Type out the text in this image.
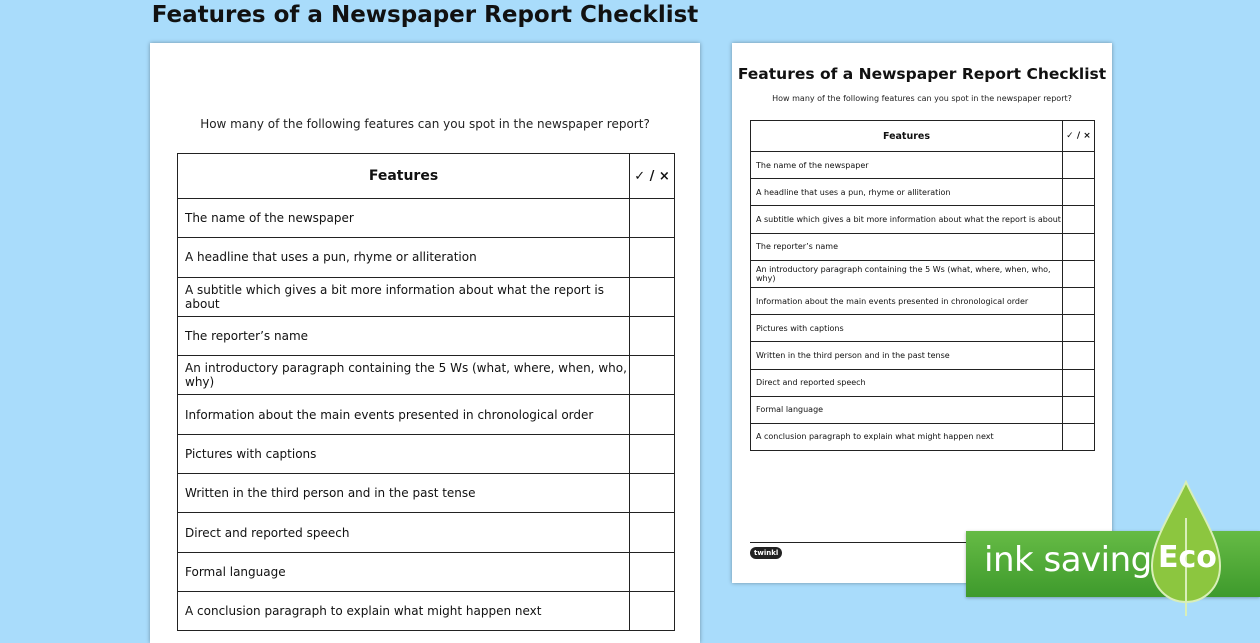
Features of a Newspaper Report Checklist

How many of the following features can you spot in the newspaper report?

Features	✓ / ×
The name of the newspaper	
A headline that uses a pun, rhyme or alliteration	
A subtitle which gives a bit more information about what the report is about	
The reporter’s name	
An introductory paragraph containing the 5 Ws (what, where, when, who, why)	
Information about the main events presented in chronological order	
Pictures with captions	
Written in the third person and in the past tense	
Direct and reported speech	
Formal language	
A conclusion paragraph to explain what might happen next	
Features of a Newspaper Report Checklist

How many of the following features can you spot in the newspaper report?

Features	✓ / ×
The name of the newspaper	
A headline that uses a pun, rhyme or alliteration	
A subtitle which gives a bit more information about what the report is about	
The reporter’s name	
An introductory paragraph containing the 5 Ws (what, where, when, who, why)	
Information about the main events presented in chronological order	
Pictures with captions	
Written in the third person and in the past tense	
Direct and reported speech	
Formal language	
A conclusion paragraph to explain what might happen next	
twinkl	ink saving Eco
